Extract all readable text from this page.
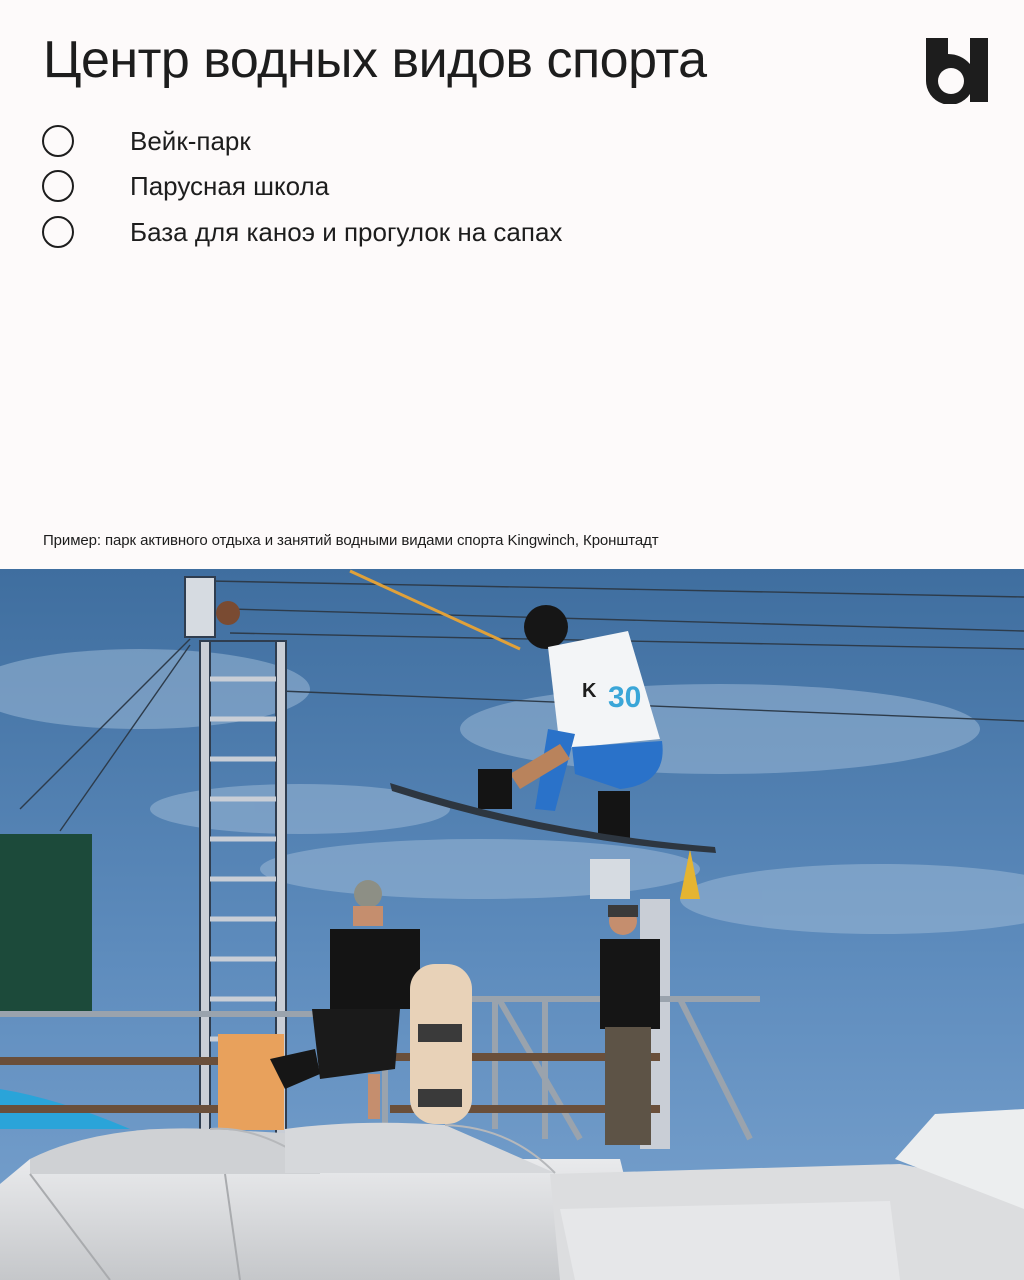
Центр водных видов спорта
Вейк-парк
Парусная школа
База для каноэ и прогулок на сапах
Пример: парк активного отдыха и занятий водными видами спорта Kingwinch, Кронштадт
30
K
